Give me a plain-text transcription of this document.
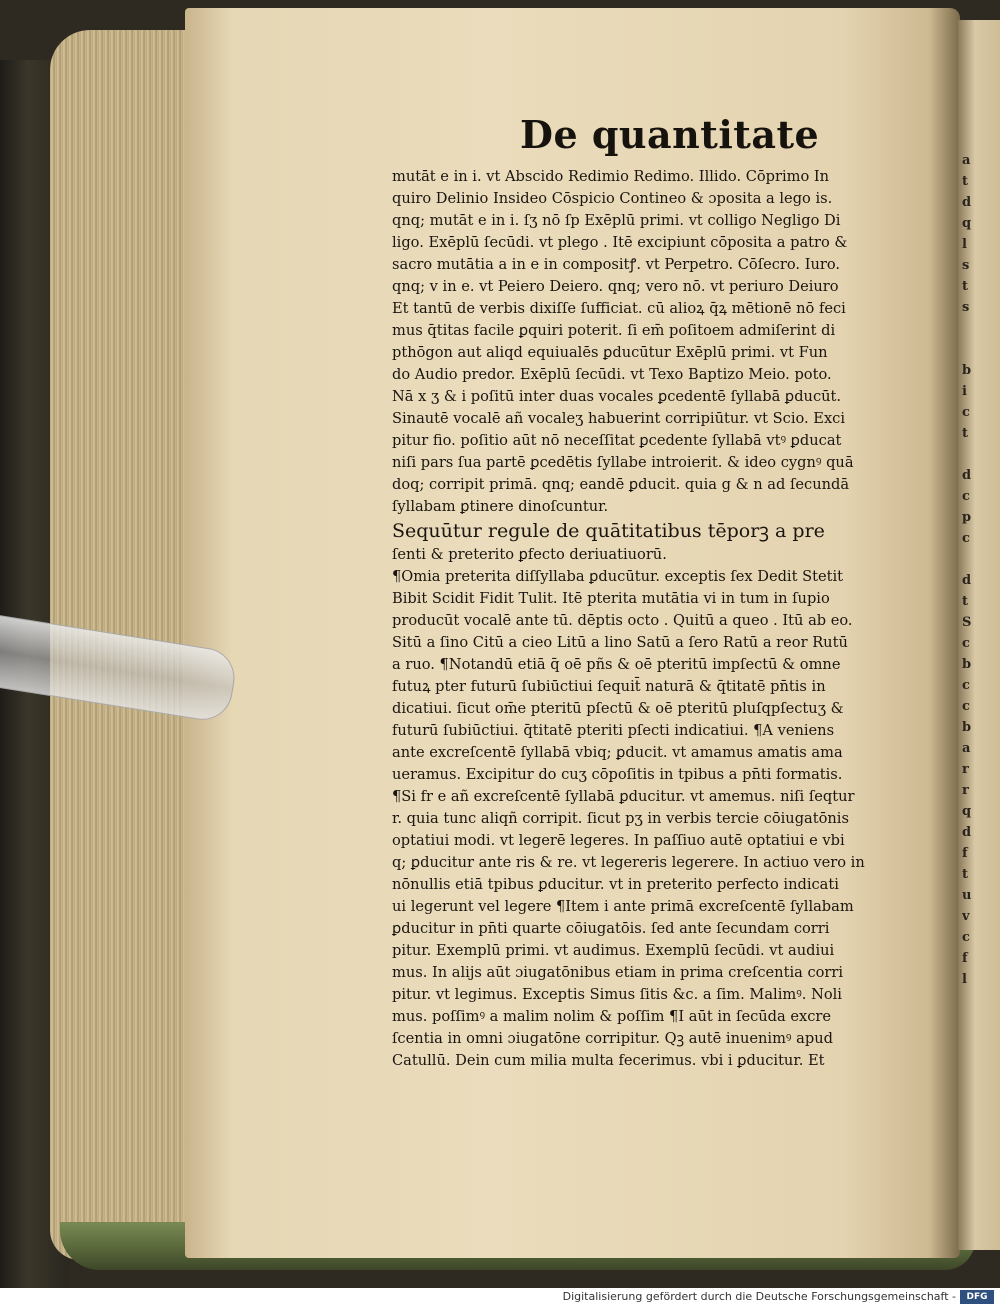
a
t
d
q
l
s
t
s

b
i
c
t

d
c
p
c

d
t
S
c
b
c
c
b
a
r
r
q
d
f
t
u
v
c
f
l
De quantitate
mutāt e in i. vt Abscido Redimio Redimo. Illido. Cōprimo In
quiro Delinio Insideo Cōspicio Contineo & ɔposita a lego is.
qnq; mutāt e in i. ſʒ nō ſp Exēplū primi. vt colligo Negligo Di
ligo. Exēplū ſecūdi. vt plego . Itē excipiunt cōposita a patro &
sacro mutātia a in e in compositꝭ. vt Perpetro. Cōſecro. Iuro.
qnq; v in e. vt Peiero Deiero. qnq; vero nō. vt periuro Deiuro
Et tantū de verbis dixiſſe ſufficiat. cū alioꝝ q̄ꝝ mētionē nō feci
mus q̄titas facile ꝑquiri poterit. ſi em̄ poſitoem admiſerint di
pthōgon aut aliqd equiualēs ꝑducūtur Exēplū primi. vt Fun
do Audio predor. Exēplū ſecūdi. vt Texo Baptizo Meio. poto.
Nā x ʒ & i poſitū inter duas vocales ꝑcedentē ſyllabā ꝑducūt.
Sinautē vocalē añ vocaleʒ habuerint corripiūtur. vt Scio. Exci
pitur fio. poſitio aūt nō neceſſitat ꝑcedente ſyllabā vtꝰ ꝑducat
niſi pars ſua partē ꝑcedētis ſyllabe introierit. & ideo cygnꝰ quā
doq; corripit primā. qnq; eandē ꝑducit. quia g & n ad ſecundā
ſyllabam ꝑtinere dinoſcuntur.
Sequūtur regule de quātitatibus tēporꝫ a pre
ſenti & preterito ꝑfecto deriuatiuorū.
¶Omia preterita diſſyllaba ꝑducūtur. exceptis ſex Dedit Stetit
Bibit Scidit Fidit Tulit. Itē pterita mutātia vi in tum in ſupio
producūt vocalē ante tū. dēptis octo . Quitū a queo . Itū ab eo.
Sitū a ſino Citū a cieo Litū a lino Satū a ſero Ratū a reor Rutū
a ruo. ¶Notandū etiā q̄ oē pñs & oē pteritū impſectū & omne
futuꝝ pter futurū ſubiūctiui ſequit̄ naturā & q̄titatē pn̄tis in
dicatiui. ſicut om̄e pteritū pſectū & oē pteritū pluſqpſectuʒ &
futurū ſubiūctiui. q̄titatē pteriti pſecti indicatiui. ¶A veniens
ante excreſcentē ſyllabā vbiq; ꝑducit. vt amamus amatis ama
ueramus. Excipitur do cuʒ cōpoſitis in tpibus a pn̄ti formatis.
¶Si fr e añ excreſcentē ſyllabā ꝑducitur. vt amemus. niſi ſeqtur
r. quia tunc aliqñ corripit. ſicut pʒ in verbis tercie cōiugatōnis
optatiui modi. vt legerē legeres. In paſſiuo autē optatiui e vbi
q; ꝑducitur ante ris & re. vt legereris legerere. In actiuo vero in
nōnullis etiā tpibus ꝑducitur. vt in preterito perfecto indicati
ui legerunt vel legere ¶Item i ante primā excreſcentē ſyllabam
ꝑducitur in pn̄ti quarte cōiugatōis. ſed ante ſecundam corri
pitur. Exemplū primi. vt audimus. Exemplū ſecūdi. vt audiui
mus. In alijs aūt ɔiugatōnibus etiam in prima creſcentia corri
pitur. vt legimus. Exceptis Simus ſitis &c. a ſim. Malimꝰ. Noli
mus. poſſimꝰ a malim nolim & poſſim ¶I aūt in ſecūda excre
ſcentia in omni ɔiugatōne corripitur. Qꝫ autē inuenimꝰ apud
Catullū. Dein cum milia multa fecerimus. vbi i ꝑducitur. Et
Digitalisierung gefördert durch die Deutsche Forschungsgemeinschaft -	DFG
